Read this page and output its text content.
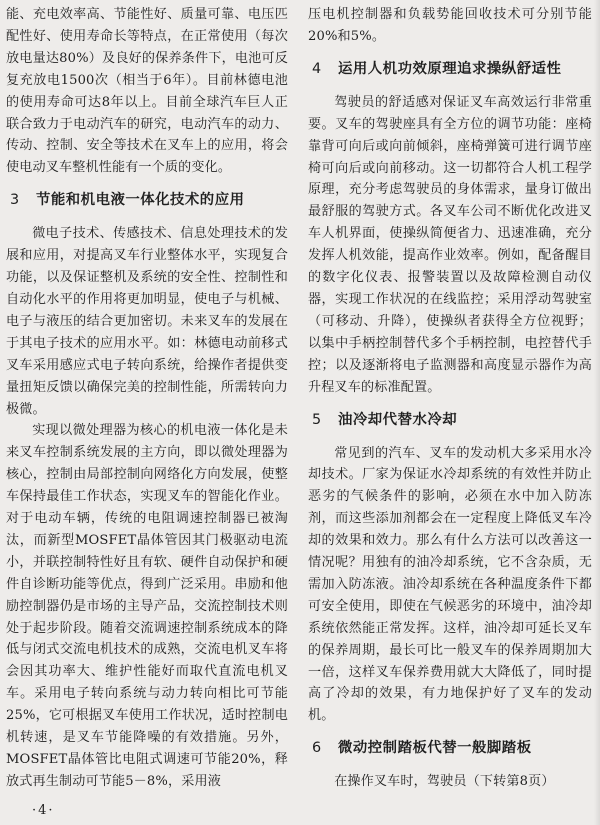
能、充电效率高、节能性好、质量可靠、电压匹配性好、使用寿命长等特点，在正常使用（每次放电量达80%）及良好的保养条件下，电池可反复充放电1500次（相当于6年）。目前林德电池的使用寿命可达8年以上。目前全球汽车巨人正联合致力于电动汽车的研究，电动汽车的动力、传动、控制、安全等技术在叉车上的应用，将会使电动叉车整机性能有一个质的变化。

3 节能和机电液一体化技术的应用

微电子技术、传感技术、信息处理技术的发展和应用，对提高叉车行业整体水平，实现复合功能，以及保证整机及系统的安全性、控制性和自动化水平的作用将更加明显，使电子与机械、电子与液压的结合更加密切。未来叉车的发展在于其电子技术的应用水平。如：林德电动前移式叉车采用感应式电子转向系统，给操作者提供变量扭矩反馈以确保完美的控制性能，所需转向力极微。

实现以微处理器为核心的机电液一体化是未来叉车控制系统发展的主方向，即以微处理器为核心，控制由局部控制向网络化方向发展，使整车保持最佳工作状态，实现叉车的智能化作业。对于电动车辆，传统的电阻调速控制器已被淘汰，而新型MOSFET晶体管因其门极驱动电流小，并联控制特性好且有软、硬件自动保护和硬件自诊断功能等优点，得到广泛采用。串励和他励控制器仍是市场的主导产品，交流控制技术则处于起步阶段。随着交流调速控制系统成本的降低与闭式交流电机技术的成熟，交流电机叉车将会因其功率大、维护性能好而取代直流电机叉车。采用电子转向系统与动力转向相比可节能25%，它可根据叉车使用工作状况，适时控制电机转速，是叉车节能降噪的有效措施。另外，MOSFET晶体管比电阻式调速可节能20%，释放式再生制动可节能5－8%，采用液

压电机控制器和负载势能回收技术可分别节能20%和5%。

4 运用人机功效原理追求操纵舒适性

驾驶员的舒适感对保证叉车高效运行非常重要。叉车的驾驶座具有全方位的调节功能：座椅靠背可向后或向前倾斜，座椅弹簧可进行调节座椅可向后或向前移动。这一切都符合人机工程学原理，充分考虑驾驶员的身体需求，量身订做出最舒服的驾驶方式。各叉车公司不断优化改进叉车人机界面，使操纵简便省力、迅速准确，充分发挥人机效能，提高作业效率。例如，配备醒目的数字化仪表、报警装置以及故障检测自动仪器，实现工作状况的在线监控；采用浮动驾驶室（可移动、升降），使操纵者获得全方位视野；以集中手柄控制替代多个手柄控制，电控替代手控；以及逐渐将电子监测器和高度显示器作为高升程叉车的标准配置。

5 油冷却代替水冷却

常见到的汽车、叉车的发动机大多采用水冷却技术。厂家为保证水冷却系统的有效性并防止恶劣的气候条件的影响，必须在水中加入防冻剂，而这些添加剂都会在一定程度上降低叉车冷却的效果和效力。那么有什么方法可以改善这一情况呢？用独有的油冷却系统，它不含杂质，无需加入防冻液。油冷却系统在各种温度条件下都可安全使用，即使在气候恶劣的环境中，油冷却系统依然能正常发挥。这样，油冷却可延长叉车的保养周期，最长可比一般叉车的保养周期加大一倍，这样叉车保养费用就大大降低了，同时提高了冷却的效果，有力地保护好了叉车的发动机。

6 微动控制踏板代替一般脚踏板

在操作叉车时，驾驶员（下转第8页）

·4·
